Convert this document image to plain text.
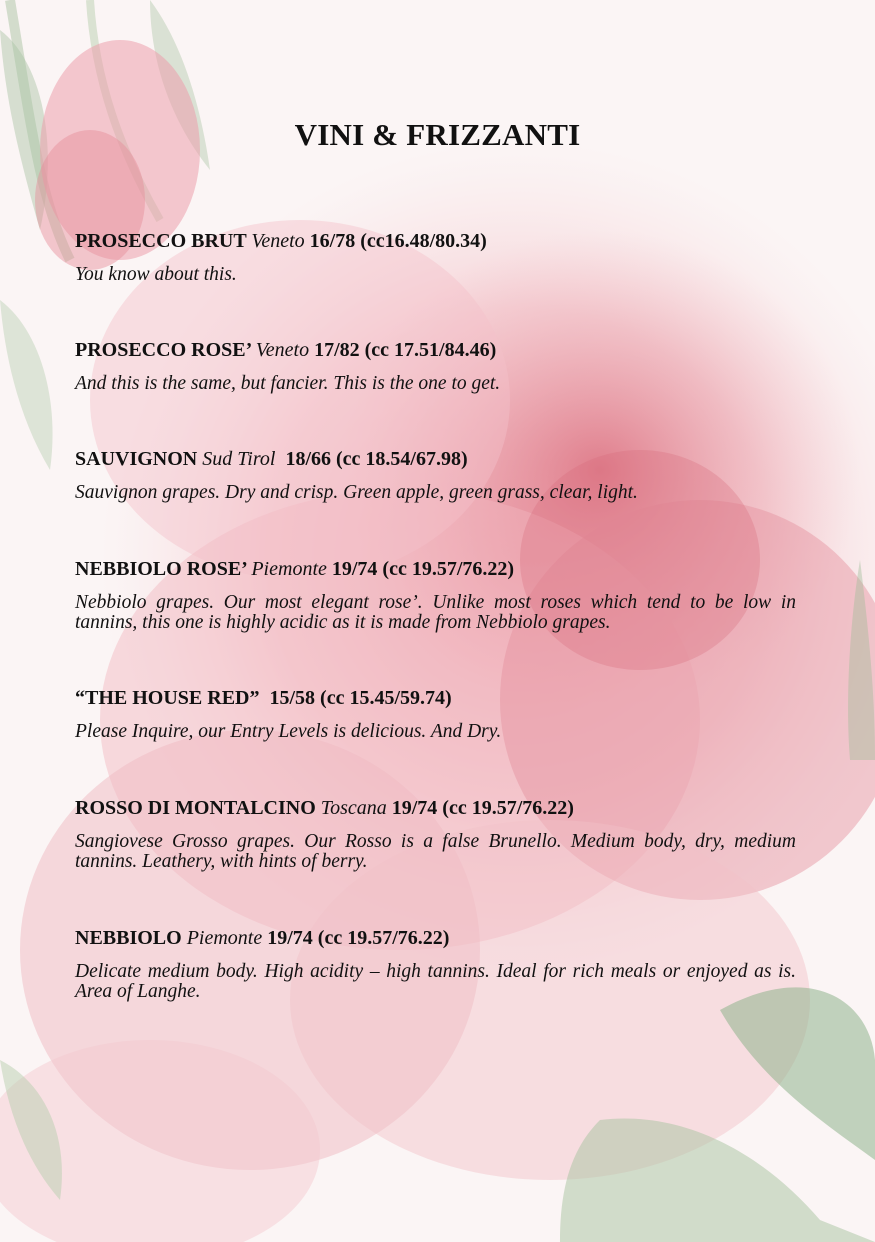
VINI & FRIZZANTI
PROSECCO BRUT Veneto 16/78 (cc16.48/80.34)
You know about this.
PROSECCO ROSE’ Veneto 17/82 (cc 17.51/84.46)
And this is the same, but fancier. This is the one to get.
SAUVIGNON Sud Tirol 18/66 (cc 18.54/67.98)
Sauvignon grapes. Dry and crisp. Green apple, green grass, clear, light.
NEBBIOLO ROSE’ Piemonte 19/74 (cc 19.57/76.22)
Nebbiolo grapes. Our most elegant rose’. Unlike most roses which tend to be low in tannins, this one is highly acidic as it is made from Nebbiolo grapes.
“THE HOUSE RED” 15/58 (cc 15.45/59.74)
Please Inquire, our Entry Levels is delicious. And Dry.
ROSSO DI MONTALCINO Toscana 19/74 (cc 19.57/76.22)
Sangiovese Grosso grapes. Our Rosso is a false Brunello. Medium body, dry, medium tannins. Leathery, with hints of berry.
NEBBIOLO Piemonte 19/74 (cc 19.57/76.22)
Delicate medium body. High acidity – high tannins. Ideal for rich meals or enjoyed as is. Area of Langhe.
